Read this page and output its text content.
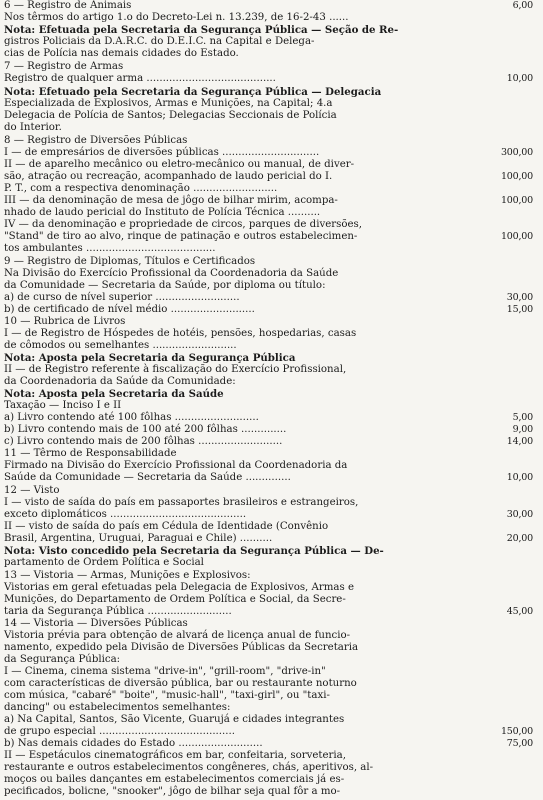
6 — Registro de Animais	6,00
Nos têrmos do artigo 1.o do Decreto-Lei n. 13.239, de 16-2-43 ......
Nota: Efetuada pela Secretaria da Segurança Pública — Seção de Re-
gistros Policiais da D.A.R.C. do D.E.I.C. na Capital e Delega-
cias de Polícia nas demais cidades do Estado.
7 — Registro de Armas
Registro de qualquer arma ........................................	10,00
Nota: Efetuado pela Secretaria da Segurança Pública — Delegacia
Especializada de Explosivos, Armas e Munições, na Capital; 4.a
Delegacia de Polícia de Santos; Delegacias Seccionais de Polícia
do Interior.
8 — Registro de Diversões Públicas
I — de empresários de diversões públicas ..............................	300,00
II — de aparelho mecânico ou eletro-mecânico ou manual, de diver-
são, atração ou recreação, acompanhado de laudo pericial do I.	100,00
P. T., com a respectiva denominação ..........................
III — da denominação de mesa de jôgo de bilhar mirim, acompa-	100,00
nhado de laudo pericial do Instituto de Polícia Técnica ..........
IV — da denominação e propriedade de circos, parques de diversões,
"Stand" de tiro ao alvo, rinque de patinação e outros estabelecimen-	100,00
tos ambulantes ........................................
9 — Registro de Diplomas, Títulos e Certificados
Na Divisão do Exercício Profissional da Coordenadoria da Saúde
da Comunidade — Secretaria da Saúde, por diploma ou título:
a) de curso de nível superior ..........................	30,00
b) de certificado de nível médio ..........................	15,00
10 — Rubrica de Livros
I — de Registro de Hóspedes de hotéis, pensões, hospedarias, casas
de cômodos ou semelhantes ..........................
Nota: Aposta pela Secretaria da Segurança Pública
II — de Registro referente à fiscalização do Exercício Profissional,
da Coordenadoria da Saúde da Comunidade:
Nota: Aposta pela Secretaria da Saúde
Taxação — Inciso I e II
a) Livro contendo até 100 fôlhas ..........................	5,00
b) Livro contendo mais de 100 até 200 fôlhas ..............	9,00
c) Livro contendo mais de 200 fôlhas ..........................	14,00
11 — Têrmo de Responsabilidade
Firmado na Divisão do Exercício Profissional da Coordenadoria da
Saúde da Comunidade — Secretaria da Saúde ..............	10,00
12 — Visto
I — visto de saída do país em passaportes brasileiros e estrangeiros,
exceto diplomáticos ..........................................	30,00
II — visto de saída do país em Cédula de Identidade (Convênio
Brasil, Argentina, Uruguai, Paraguai e Chile) ..........	20,00
Nota: Visto concedido pela Secretaria da Segurança Pública — De-
partamento de Ordem Política e Social
13 — Vistoria — Armas, Munições e Explosivos:
Vistorias em geral efetuadas pela Delegacia de Explosivos, Armas e
Munições, do Departamento de Ordem Política e Social, da Secre-
taria da Segurança Pública ..........................	45,00
14 — Vistoria — Diversões Públicas
Vistoria prévia para obtenção de alvará de licença anual de funcio-
namento, expedido pela Divisão de Diversões Públicas da Secretaria
da Segurança Pública:
I — Cinema, cinema sistema "drive-in", "grill-room", "drive-in"
com características de diversão pública, bar ou restaurante noturno
com música, "cabaré" "boite", "music-hall", "taxi-girl", ou "taxi-
dancing" ou estabelecimentos semelhantes:
a) Na Capital, Santos, São Vicente, Guarujá e cidades integrantes
de grupo especial ..........................................	150,00
b) Nas demais cidades do Estado ..........................	75,00
II — Espetáculos cinematográficos em bar, confeitaria, sorveteria,
restaurante e outros estabelecimentos congêneres, chás, aperitivos, al-
moços ou bailes dançantes em estabelecimentos comerciais já es-
pecificados, bolicne, "snooker", jôgo de bilhar seja qual fôr a mo-
